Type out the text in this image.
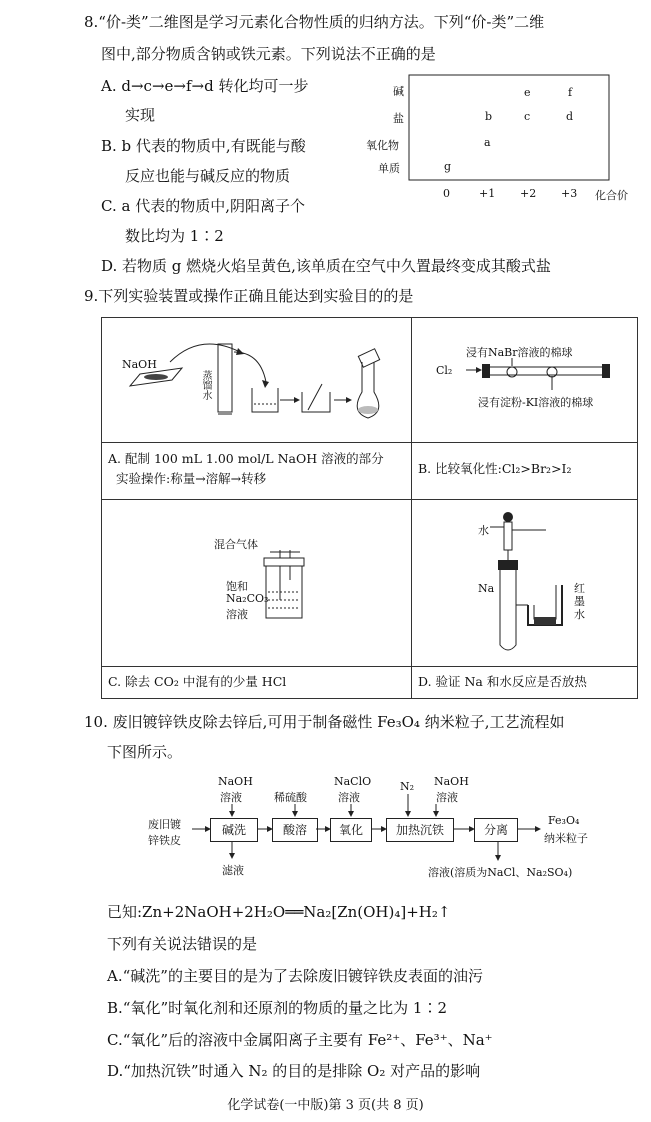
8.“价-类”二维图是学习元素化合物性质的归纳方法。下列“价-类”二维
图中,部分物质含钠或铁元素。下列说法不正确的是
A. d→c→e→f→d 转化均可一步
实现
B. b 代表的物质中,有既能与酸
反应也能与碱反应的物质
C. a 代表的物质中,阴阳离子个
数比均为 1∶2
D. 若物质 g 燃烧火焰呈黄色,该单质在空气中久置最终变成其酸式盐
碱
盐
氧化物
单质
0	+1 +2 +3 化合价
e	f
b	c	d
a
g
9.下列实验装置或操作正确且能达到实验目的的是

A. 配制 100 mL 1.00 mol/L NaOH 溶液的部分
实验操作:称量→溶解→转移	B. 比较氧化性:Cl₂>Br₂>I₂

C. 除去 CO₂ 中混有的少量 HCl	D. 验证 Na 和水反应是否放热
NaOH
蒸馏水
浸有NaBr溶液的棉球
Cl₂
浸有淀粉-KI溶液的棉球
混合气体
饱和
Na₂CO₃
溶液
水
Na	红
墨
水
10. 废旧镀锌铁皮除去锌后,可用于制备磁性 Fe₃O₄ 纳米粒子,工艺流程如
下图所示。
废旧镀
锌铁皮
碱洗	酸溶	氧化	加热沉铁	分离
NaOH
溶液	稀硫酸
NaClO
溶液
N₂ NaOH
溶液
滤液
Fe₃O₄
纳米粒子
溶液(溶质为NaCl、Na₂SO₄)
已知:Zn+2NaOH+2H₂O══Na₂[Zn(OH)₄]+H₂↑
下列有关说法错误的是
A.“碱洗”的主要目的是为了去除废旧镀锌铁皮表面的油污
B.“氧化”时氧化剂和还原剂的物质的量之比为 1∶2
C.“氧化”后的溶液中金属阳离子主要有 Fe²⁺、Fe³⁺、Na⁺
D.“加热沉铁”时通入 N₂ 的目的是排除 O₂ 对产品的影响
化学试卷(一中版)第 3 页(共 8 页)
